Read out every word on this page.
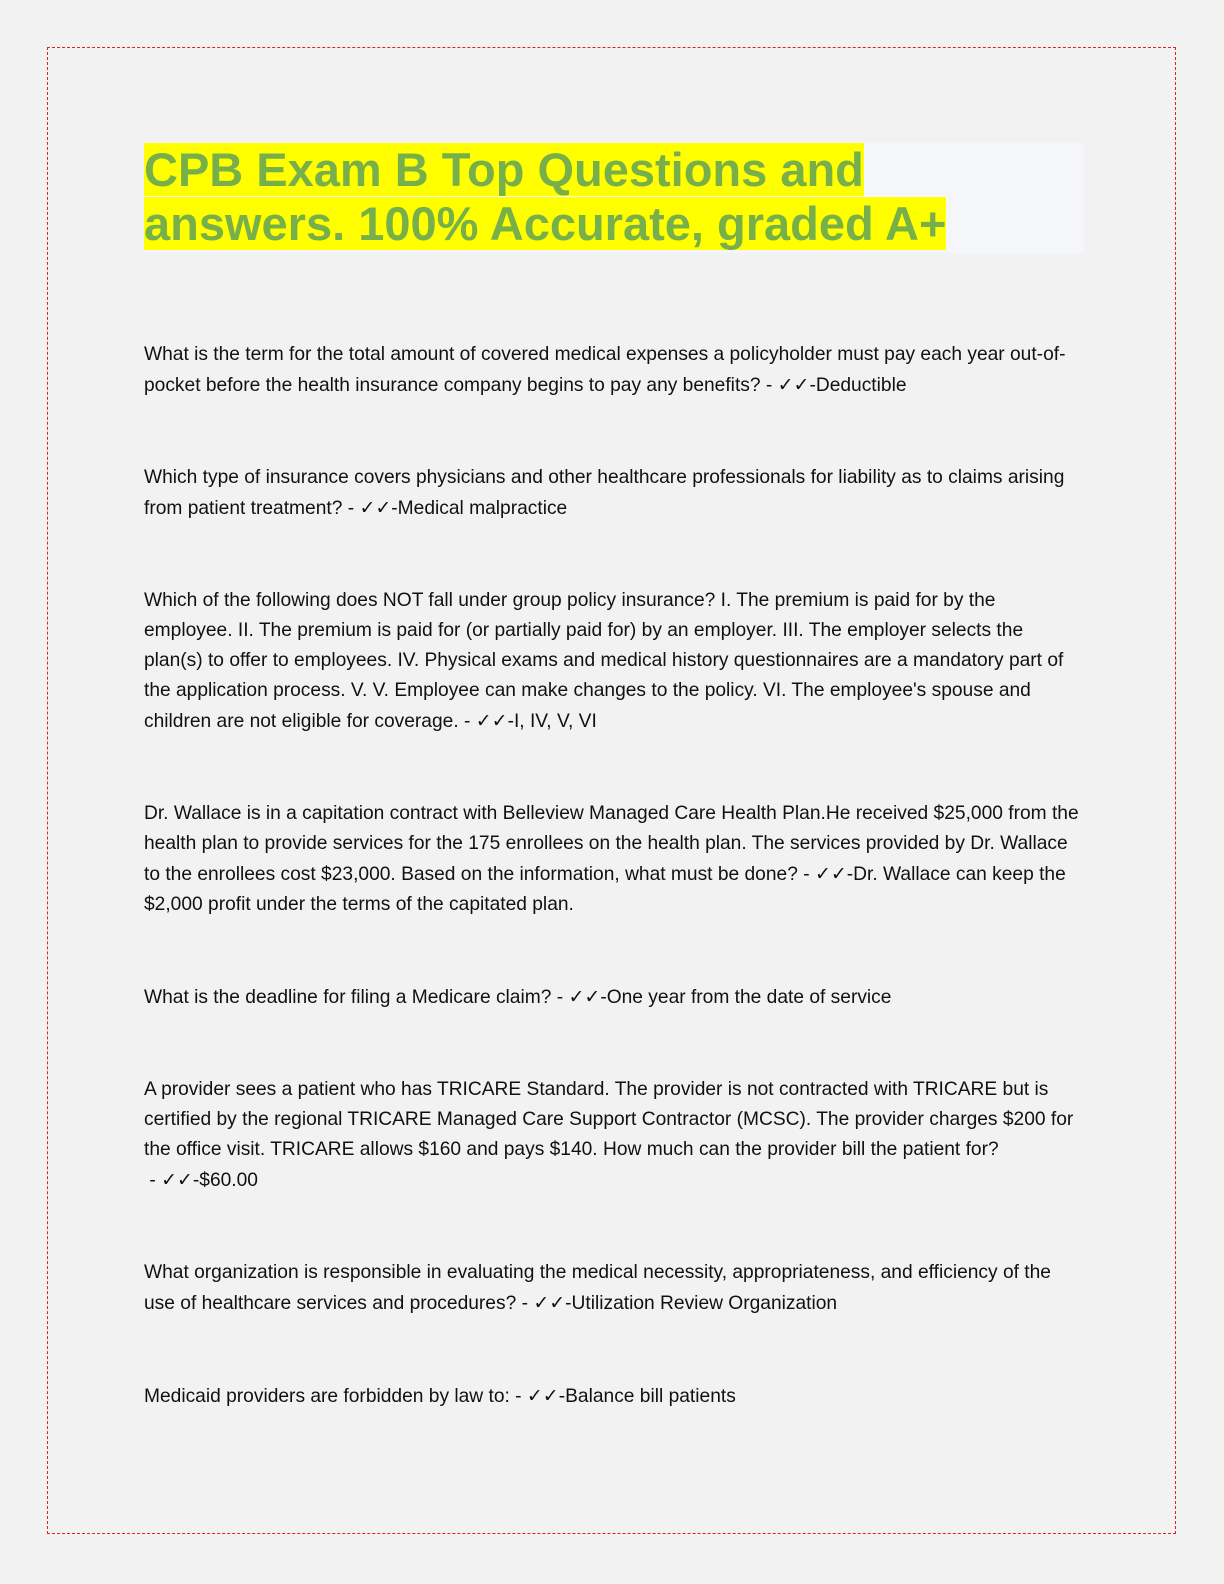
CPB Exam B Top Questions and
answers. 100% Accurate, graded A+

What is the term for the total amount of covered medical expenses a policyholder must pay each year out-of-pocket before the health insurance company begins to pay any benefits? - ✓✓-Deductible

Which type of insurance covers physicians and other healthcare professionals for liability as to claims arising from patient treatment? - ✓✓-Medical malpractice

Which of the following does NOT fall under group policy insurance? I. The premium is paid for by the employee. II. The premium is paid for (or partially paid for) by an employer. III. The employer selects the plan(s) to offer to employees. IV. Physical exams and medical history questionnaires are a mandatory part of the application process. V. V. Employee can make changes to the policy. VI. The employee's spouse and children are not eligible for coverage. - ✓✓-I, IV, V, VI

Dr. Wallace is in a capitation contract with Belleview Managed Care Health Plan.He received $25,000 from the health plan to provide services for the 175 enrollees on the health plan. The services provided by Dr. Wallace to the enrollees cost $23,000. Based on the information, what must be done? - ✓✓-Dr. Wallace can keep the $2,000 profit under the terms of the capitated plan.

What is the deadline for filing a Medicare claim? - ✓✓-One year from the date of service

A provider sees a patient who has TRICARE Standard. The provider is not contracted with TRICARE but is certified by the regional TRICARE Managed Care Support Contractor (MCSC). The provider charges $200 for the office visit. TRICARE allows $160 and pays $140. How much can the provider bill the patient for? - ✓✓-$60.00

What organization is responsible in evaluating the medical necessity, appropriateness, and efficiency of the use of healthcare services and procedures? - ✓✓-Utilization Review Organization

Medicaid providers are forbidden by law to: - ✓✓-Balance bill patients
